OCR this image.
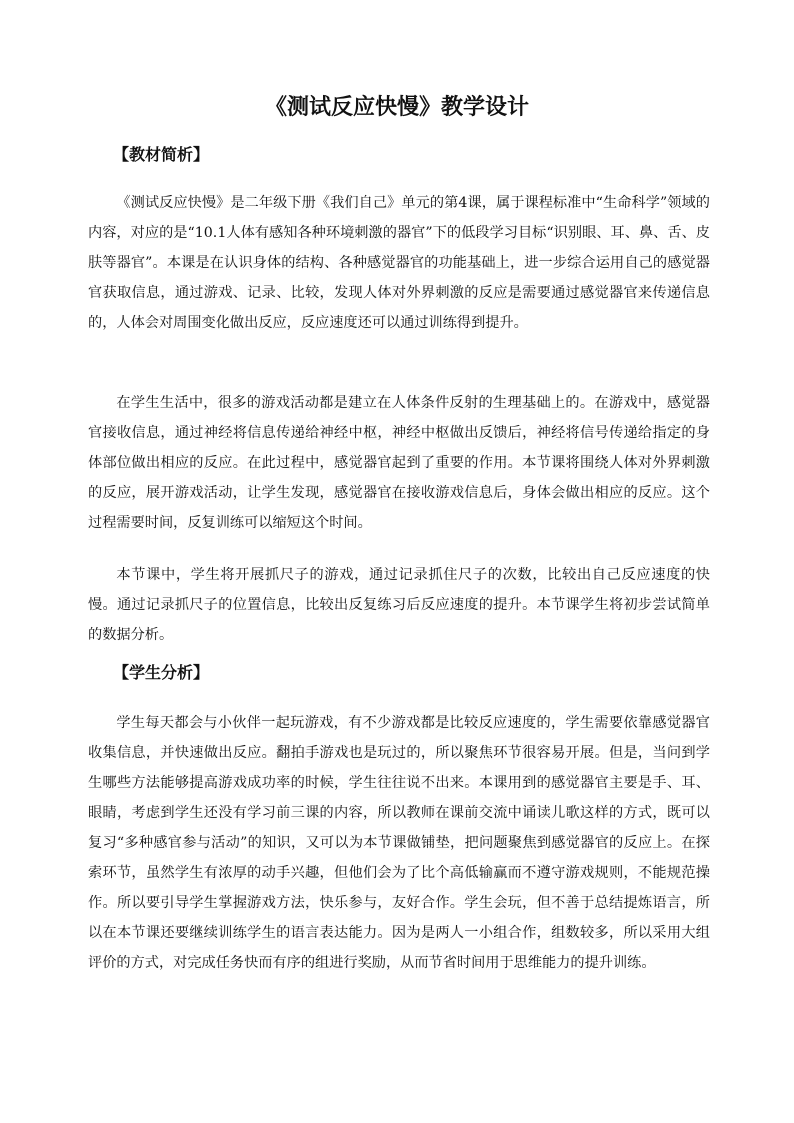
《测试反应快慢》教学设计
【教材简析】

《测试反应快慢》是二年级下册《我们自己》单元的第4课，属于课程标准中“生命科学”领域的内容，对应的是“10.1人体有感知各种环境刺激的器官”下的低段学习目标“识别眼、耳、鼻、舌、皮肤等器官”。本课是在认识身体的结构、各种感觉器官的功能基础上，进一步综合运用自己的感觉器官获取信息，通过游戏、记录、比较，发现人体对外界刺激的反应是需要通过感觉器官来传递信息的，人体会对周围变化做出反应，反应速度还可以通过训练得到提升。

在学生生活中，很多的游戏活动都是建立在人体条件反射的生理基础上的。在游戏中，感觉器官接收信息，通过神经将信息传递给神经中枢，神经中枢做出反馈后，神经将信号传递给指定的身体部位做出相应的反应。在此过程中，感觉器官起到了重要的作用。本节课将围绕人体对外界刺激的反应，展开游戏活动，让学生发现，感觉器官在接收游戏信息后，身体会做出相应的反应。这个过程需要时间，反复训练可以缩短这个时间。

本节课中，学生将开展抓尺子的游戏，通过记录抓住尺子的次数，比较出自己反应速度的快慢。通过记录抓尺子的位置信息，比较出反复练习后反应速度的提升。本节课学生将初步尝试简单的数据分析。

【学生分析】

学生每天都会与小伙伴一起玩游戏，有不少游戏都是比较反应速度的，学生需要依靠感觉器官收集信息，并快速做出反应。翻拍手游戏也是玩过的，所以聚焦环节很容易开展。但是，当问到学生哪些方法能够提高游戏成功率的时候，学生往往说不出来。本课用到的感觉器官主要是手、耳、眼睛，考虑到学生还没有学习前三课的内容，所以教师在课前交流中诵读儿歌这样的方式，既可以复习“多种感官参与活动”的知识，又可以为本节课做铺垫，把问题聚焦到感觉器官的反应上。在探索环节，虽然学生有浓厚的动手兴趣，但他们会为了比个高低输赢而不遵守游戏规则，不能规范操作。所以要引导学生掌握游戏方法，快乐参与，友好合作。学生会玩，但不善于总结提炼语言，所以在本节课还要继续训练学生的语言表达能力。因为是两人一小组合作，组数较多，所以采用大组评价的方式，对完成任务快而有序的组进行奖励，从而节省时间用于思维能力的提升训练。
